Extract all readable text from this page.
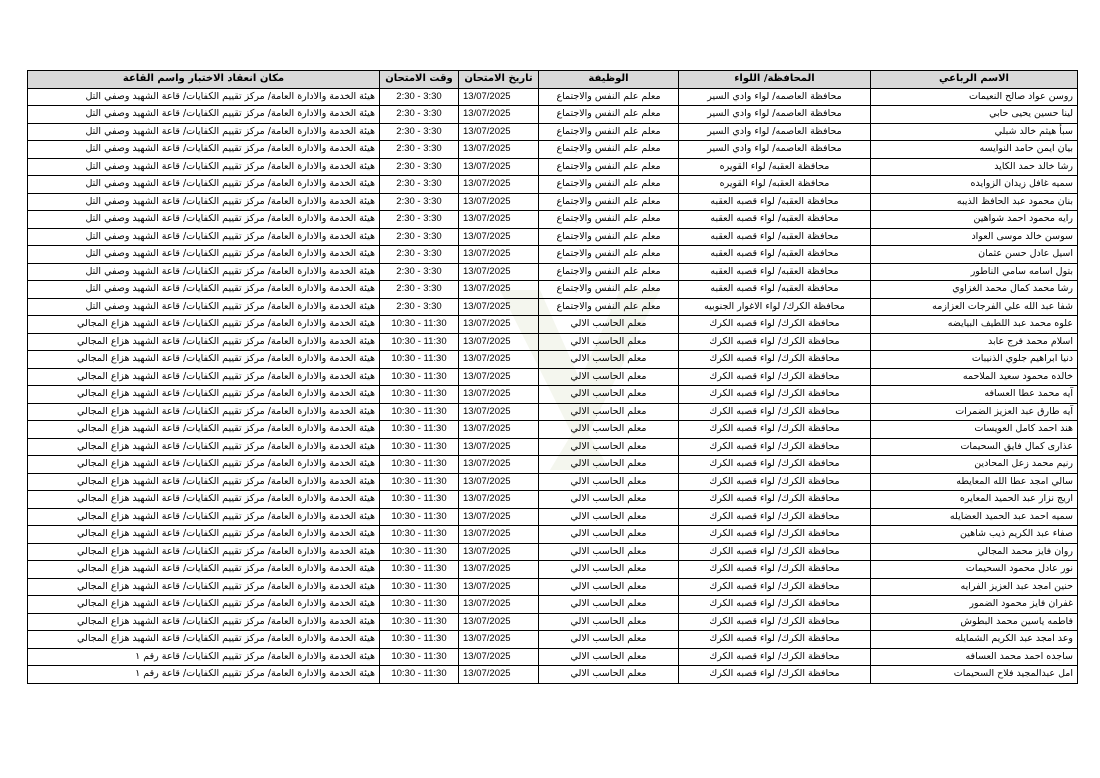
الاسم الرباعي	المحافظة/ اللواء	الوظيفة	تاريخ الامتحان	وقت الامتحان	مكان انعقاد الاختبار واسم القاعة
روسن عواد صالح النعيمات	محافظة العاصمه/ لواء وادي السير	معلم علم النفس والاجتماع	13/07/2025	2:30 - 3:30	هيئة الخدمة والادارة العامة/ مركز تقييم الكفايات/ قاعة الشهيد وصفي التل
لينا حسين يحيى حابي	محافظة العاصمه/ لواء وادي السير	معلم علم النفس والاجتماع	13/07/2025	2:30 - 3:30	هيئة الخدمة والادارة العامة/ مركز تقييم الكفايات/ قاعة الشهيد وصفي التل
سبأ هيثم خالد شبلي	محافظة العاصمه/ لواء وادي السير	معلم علم النفس والاجتماع	13/07/2025	2:30 - 3:30	هيئة الخدمة والادارة العامة/ مركز تقييم الكفايات/ قاعة الشهيد وصفي التل
بيان ايمن حامد النوايسه	محافظة العاصمه/ لواء وادي السير	معلم علم النفس والاجتماع	13/07/2025	2:30 - 3:30	هيئة الخدمة والادارة العامة/ مركز تقييم الكفايات/ قاعة الشهيد وصفي التل
رشا خالد حمد الكايد	محافظة العقبه/ لواء القويره	معلم علم النفس والاجتماع	13/07/2025	2:30 - 3:30	هيئة الخدمة والادارة العامة/ مركز تقييم الكفايات/ قاعة الشهيد وصفي التل
سميه غافل زيدان الزوايده	محافظة العقبه/ لواء القويره	معلم علم النفس والاجتماع	13/07/2025	2:30 - 3:30	هيئة الخدمة والادارة العامة/ مركز تقييم الكفايات/ قاعة الشهيد وصفي التل
بنان محمود عبد الحافظ الذيبه	محافظة العقبه/ لواء قصبه العقبه	معلم علم النفس والاجتماع	13/07/2025	2:30 - 3:30	هيئة الخدمة والادارة العامة/ مركز تقييم الكفايات/ قاعة الشهيد وصفي التل
رايه محمود احمد شواهين	محافظة العقبه/ لواء قصبه العقبه	معلم علم النفس والاجتماع	13/07/2025	2:30 - 3:30	هيئة الخدمة والادارة العامة/ مركز تقييم الكفايات/ قاعة الشهيد وصفي التل
سوسن خالد موسى العواد	محافظة العقبه/ لواء قصبه العقبه	معلم علم النفس والاجتماع	13/07/2025	2:30 - 3:30	هيئة الخدمة والادارة العامة/ مركز تقييم الكفايات/ قاعة الشهيد وصفي التل
اسيل عادل حسن عثمان	محافظة العقبه/ لواء قصبه العقبه	معلم علم النفس والاجتماع	13/07/2025	2:30 - 3:30	هيئة الخدمة والادارة العامة/ مركز تقييم الكفايات/ قاعة الشهيد وصفي التل
بتول اسامه سامي الناطور	محافظة العقبه/ لواء قصبه العقبه	معلم علم النفس والاجتماع	13/07/2025	2:30 - 3:30	هيئة الخدمة والادارة العامة/ مركز تقييم الكفايات/ قاعة الشهيد وصفي التل
رشا محمد كمال محمد الغزاوي	محافظة العقبه/ لواء قصبه العقبه	معلم علم النفس والاجتماع	13/07/2025	2:30 - 3:30	هيئة الخدمة والادارة العامة/ مركز تقييم الكفايات/ قاعة الشهيد وصفي التل
شفا عبد الله علي الفرجات العزازمه	محافظة الكرك/ لواء الاغوار الجنوبيه	معلم علم النفس والاجتماع	13/07/2025	2:30 - 3:30	هيئة الخدمة والادارة العامة/ مركز تقييم الكفايات/ قاعة الشهيد وصفي التل
علوه محمد عبد اللطيف البيايضه	محافظة الكرك/ لواء قصبه الكرك	معلم الحاسب الالي	13/07/2025	10:30 - 11:30	هيئة الخدمة والادارة العامة/ مركز تقييم الكفايات/ قاعة الشهيد هزاع المجالي
اسلام محمد فرج عابد	محافظة الكرك/ لواء قصبه الكرك	معلم الحاسب الالي	13/07/2025	10:30 - 11:30	هيئة الخدمة والادارة العامة/ مركز تقييم الكفايات/ قاعة الشهيد هزاع المجالي
دنيا ابراهيم جلوي الذنيبات	محافظة الكرك/ لواء قصبه الكرك	معلم الحاسب الالي	13/07/2025	10:30 - 11:30	هيئة الخدمة والادارة العامة/ مركز تقييم الكفايات/ قاعة الشهيد هزاع المجالي
خالده محمود سعيد الملاحمه	محافظة الكرك/ لواء قصبه الكرك	معلم الحاسب الالي	13/07/2025	10:30 - 11:30	هيئة الخدمة والادارة العامة/ مركز تقييم الكفايات/ قاعة الشهيد هزاع المجالي
آيه محمد عطا العسافه	محافظة الكرك/ لواء قصبه الكرك	معلم الحاسب الالي	13/07/2025	10:30 - 11:30	هيئة الخدمة والادارة العامة/ مركز تقييم الكفايات/ قاعة الشهيد هزاع المجالي
آيه طارق عبد العزيز الضمرات	محافظة الكرك/ لواء قصبه الكرك	معلم الحاسب الالي	13/07/2025	10:30 - 11:30	هيئة الخدمة والادارة العامة/ مركز تقييم الكفايات/ قاعة الشهيد هزاع المجالي
هند احمد كامل العويسات	محافظة الكرك/ لواء قصبه الكرك	معلم الحاسب الالي	13/07/2025	10:30 - 11:30	هيئة الخدمة والادارة العامة/ مركز تقييم الكفايات/ قاعة الشهيد هزاع المجالي
عذارى كمال فايق السحيمات	محافظة الكرك/ لواء قصبه الكرك	معلم الحاسب الالي	13/07/2025	10:30 - 11:30	هيئة الخدمة والادارة العامة/ مركز تقييم الكفايات/ قاعة الشهيد هزاع المجالي
رنيم محمد زعل المحادين	محافظة الكرك/ لواء قصبه الكرك	معلم الحاسب الالي	13/07/2025	10:30 - 11:30	هيئة الخدمة والادارة العامة/ مركز تقييم الكفايات/ قاعة الشهيد هزاع المجالي
سالي امجد عطا الله المعايطه	محافظة الكرك/ لواء قصبه الكرك	معلم الحاسب الالي	13/07/2025	10:30 - 11:30	هيئة الخدمة والادارة العامة/ مركز تقييم الكفايات/ قاعة الشهيد هزاع المجالي
اريج نزار عبد الحميد المعايره	محافظة الكرك/ لواء قصبه الكرك	معلم الحاسب الالي	13/07/2025	10:30 - 11:30	هيئة الخدمة والادارة العامة/ مركز تقييم الكفايات/ قاعة الشهيد هزاع المجالي
سميه احمد عبد الحميد العضايله	محافظة الكرك/ لواء قصبه الكرك	معلم الحاسب الالي	13/07/2025	10:30 - 11:30	هيئة الخدمة والادارة العامة/ مركز تقييم الكفايات/ قاعة الشهيد هزاع المجالي
صفاء عبد الكريم ذيب شاهين	محافظة الكرك/ لواء قصبه الكرك	معلم الحاسب الالي	13/07/2025	10:30 - 11:30	هيئة الخدمة والادارة العامة/ مركز تقييم الكفايات/ قاعة الشهيد هزاع المجالي
روان فايز محمد المجالي	محافظة الكرك/ لواء قصبه الكرك	معلم الحاسب الالي	13/07/2025	10:30 - 11:30	هيئة الخدمة والادارة العامة/ مركز تقييم الكفايات/ قاعة الشهيد هزاع المجالي
نور عادل محمود السحيمات	محافظة الكرك/ لواء قصبه الكرك	معلم الحاسب الالي	13/07/2025	10:30 - 11:30	هيئة الخدمة والادارة العامة/ مركز تقييم الكفايات/ قاعة الشهيد هزاع المجالي
حنين امجد عبد العزيز الفرايه	محافظة الكرك/ لواء قصبه الكرك	معلم الحاسب الالي	13/07/2025	10:30 - 11:30	هيئة الخدمة والادارة العامة/ مركز تقييم الكفايات/ قاعة الشهيد هزاع المجالي
غفران فايز محمود الضمور	محافظة الكرك/ لواء قصبه الكرك	معلم الحاسب الالي	13/07/2025	10:30 - 11:30	هيئة الخدمة والادارة العامة/ مركز تقييم الكفايات/ قاعة الشهيد هزاع المجالي
فاطمه ياسين محمد البطوش	محافظة الكرك/ لواء قصبه الكرك	معلم الحاسب الالي	13/07/2025	10:30 - 11:30	هيئة الخدمة والادارة العامة/ مركز تقييم الكفايات/ قاعة الشهيد هزاع المجالي
وعد امجد عبد الكريم الشمايله	محافظة الكرك/ لواء قصبه الكرك	معلم الحاسب الالي	13/07/2025	10:30 - 11:30	هيئة الخدمة والادارة العامة/ مركز تقييم الكفايات/ قاعة الشهيد هزاع المجالي
ساجده احمد محمد العسافه	محافظة الكرك/ لواء قصبه الكرك	معلم الحاسب الالي	13/07/2025	10:30 - 11:30	هيئة الخدمة والادارة العامة/ مركز تقييم الكفايات/ قاعة رقم ١
امل عبدالمجيد فلاح السحيمات	محافظة الكرك/ لواء قصبه الكرك	معلم الحاسب الالي	13/07/2025	10:30 - 11:30	هيئة الخدمة والادارة العامة/ مركز تقييم الكفايات/ قاعة رقم ١
